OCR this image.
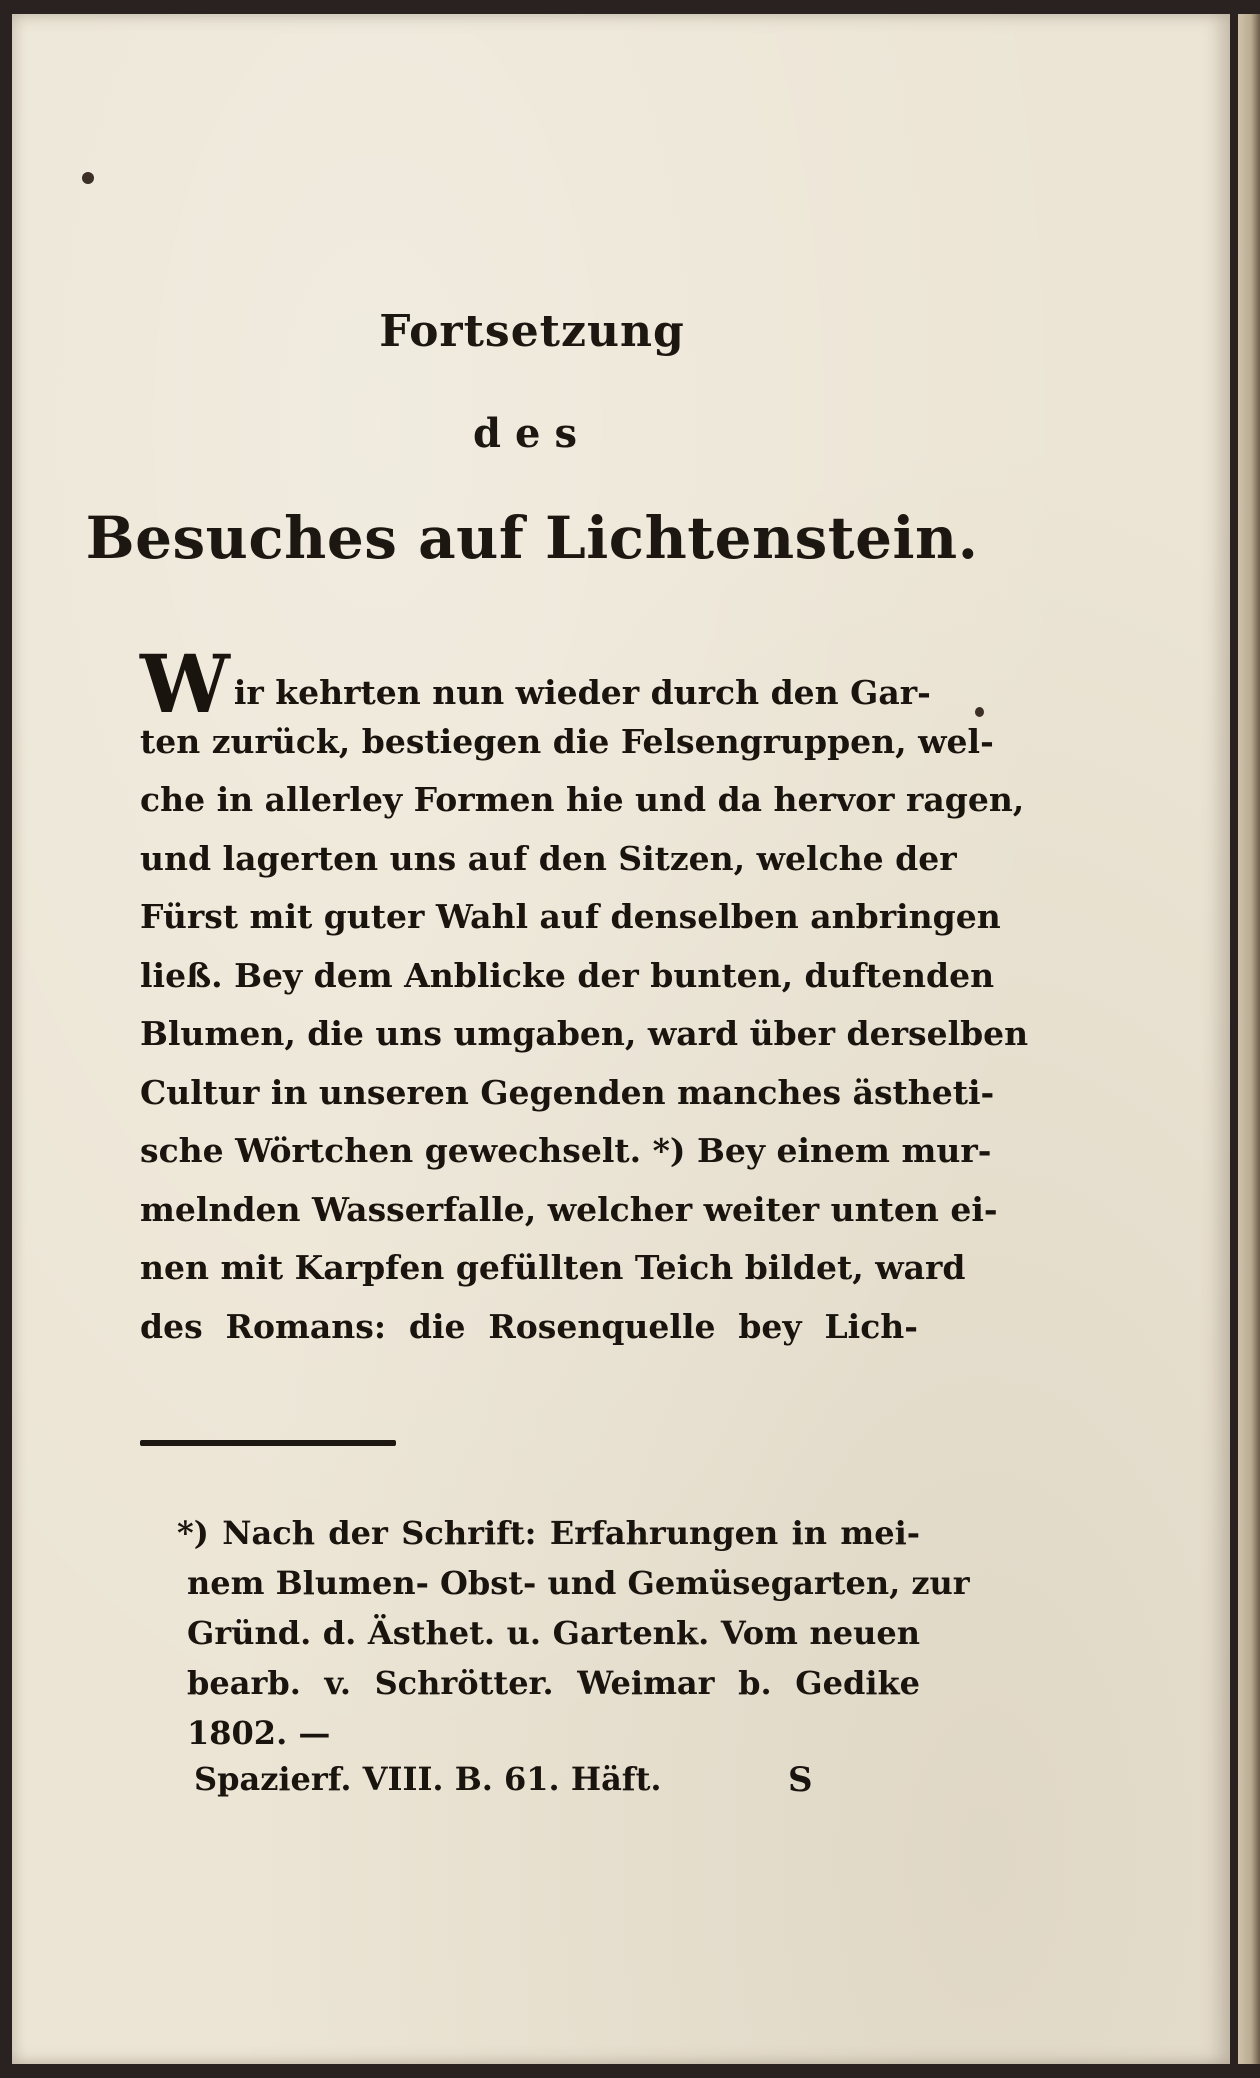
Fortsetzung
des
Besuches auf Lichtenstein.
Wir kehrten nun wieder durch den Gar-
ten zurück, bestiegen die Felsengruppen, wel-
che in allerley Formen hie und da hervor ragen,
und lagerten uns auf den Sitzen, welche der
Fürst mit guter Wahl auf denselben anbringen
ließ. Bey dem Anblicke der bunten, duftenden
Blumen, die uns umgaben, ward über derselben
Cultur in unseren Gegenden manches ästheti-
sche Wörtchen gewechselt. *) Bey einem mur-
melnden Wasserfalle, welcher weiter unten ei-
nen mit Karpfen gefüllten Teich bildet, ward
des Romans: die Rosenquelle bey Lich-
*) Nach der Schrift: Erfahrungen in mei-
nem Blumen- Obst- und Gemüsegarten, zur
Gründ. d. Ästhet. u. Gartenk. Vom neuen
bearb. v. Schrötter. Weimar b. Gedike
1802. —
Spazierf. VIII. B. 61. Häft.	S
